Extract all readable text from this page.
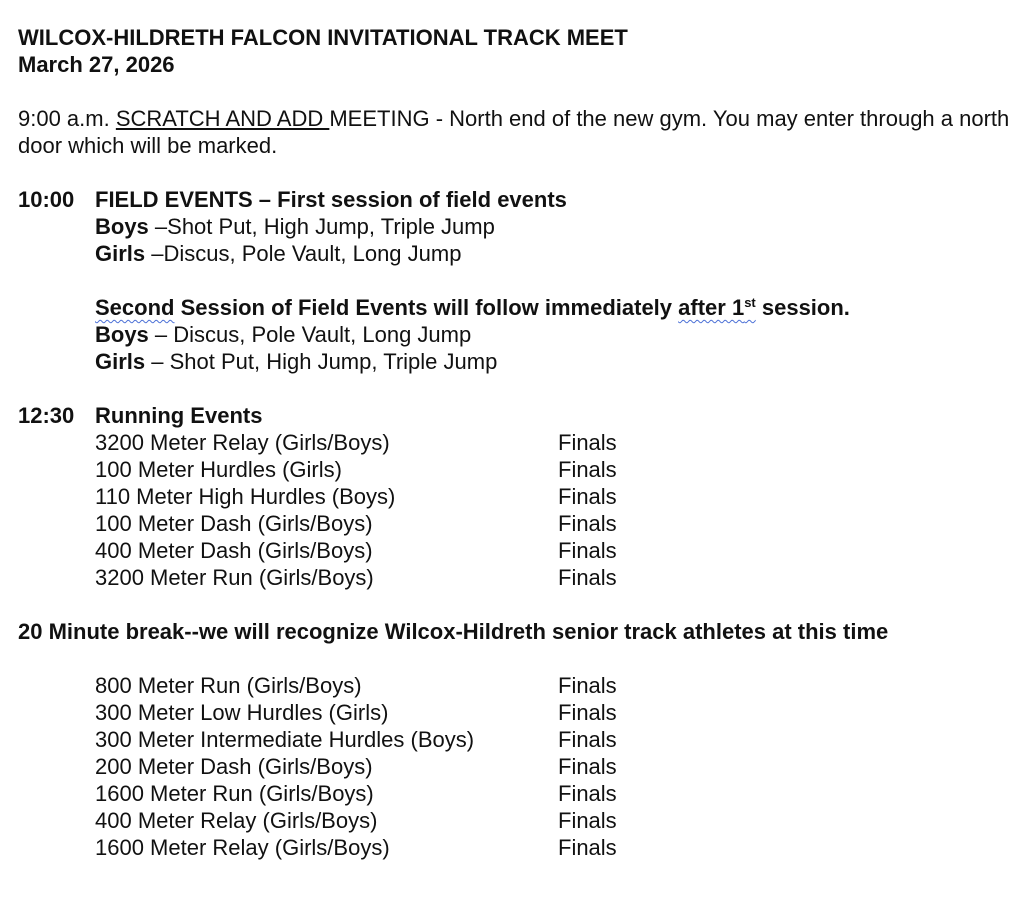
WILCOX-HILDRETH FALCON INVITATIONAL TRACK MEET
March 27, 2026
9:00 a.m. SCRATCH AND ADD MEETING - North end of the new gym. You may enter through a north door which will be marked.
10:00 FIELD EVENTS – First session of field events
Boys –Shot Put, High Jump, Triple Jump
Girls –Discus, Pole Vault, Long Jump
Second Session of Field Events will follow immediately after 1st session.
Boys – Discus, Pole Vault, Long Jump
Girls – Shot Put, High Jump, Triple Jump
12:30 Running Events
3200 Meter Relay (Girls/Boys)	Finals
100 Meter Hurdles (Girls)	Finals
110 Meter High Hurdles (Boys)	Finals
100 Meter Dash (Girls/Boys)	Finals
400 Meter Dash (Girls/Boys)	Finals
3200 Meter Run (Girls/Boys)	Finals
20 Minute break--we will recognize Wilcox-Hildreth senior track athletes at this time
800 Meter Run (Girls/Boys)	Finals
300 Meter Low Hurdles (Girls)	Finals
300 Meter Intermediate Hurdles (Boys)	Finals
200 Meter Dash (Girls/Boys)	Finals
1600 Meter Run (Girls/Boys)	Finals
400 Meter Relay (Girls/Boys)	Finals
1600 Meter Relay (Girls/Boys)	Finals
